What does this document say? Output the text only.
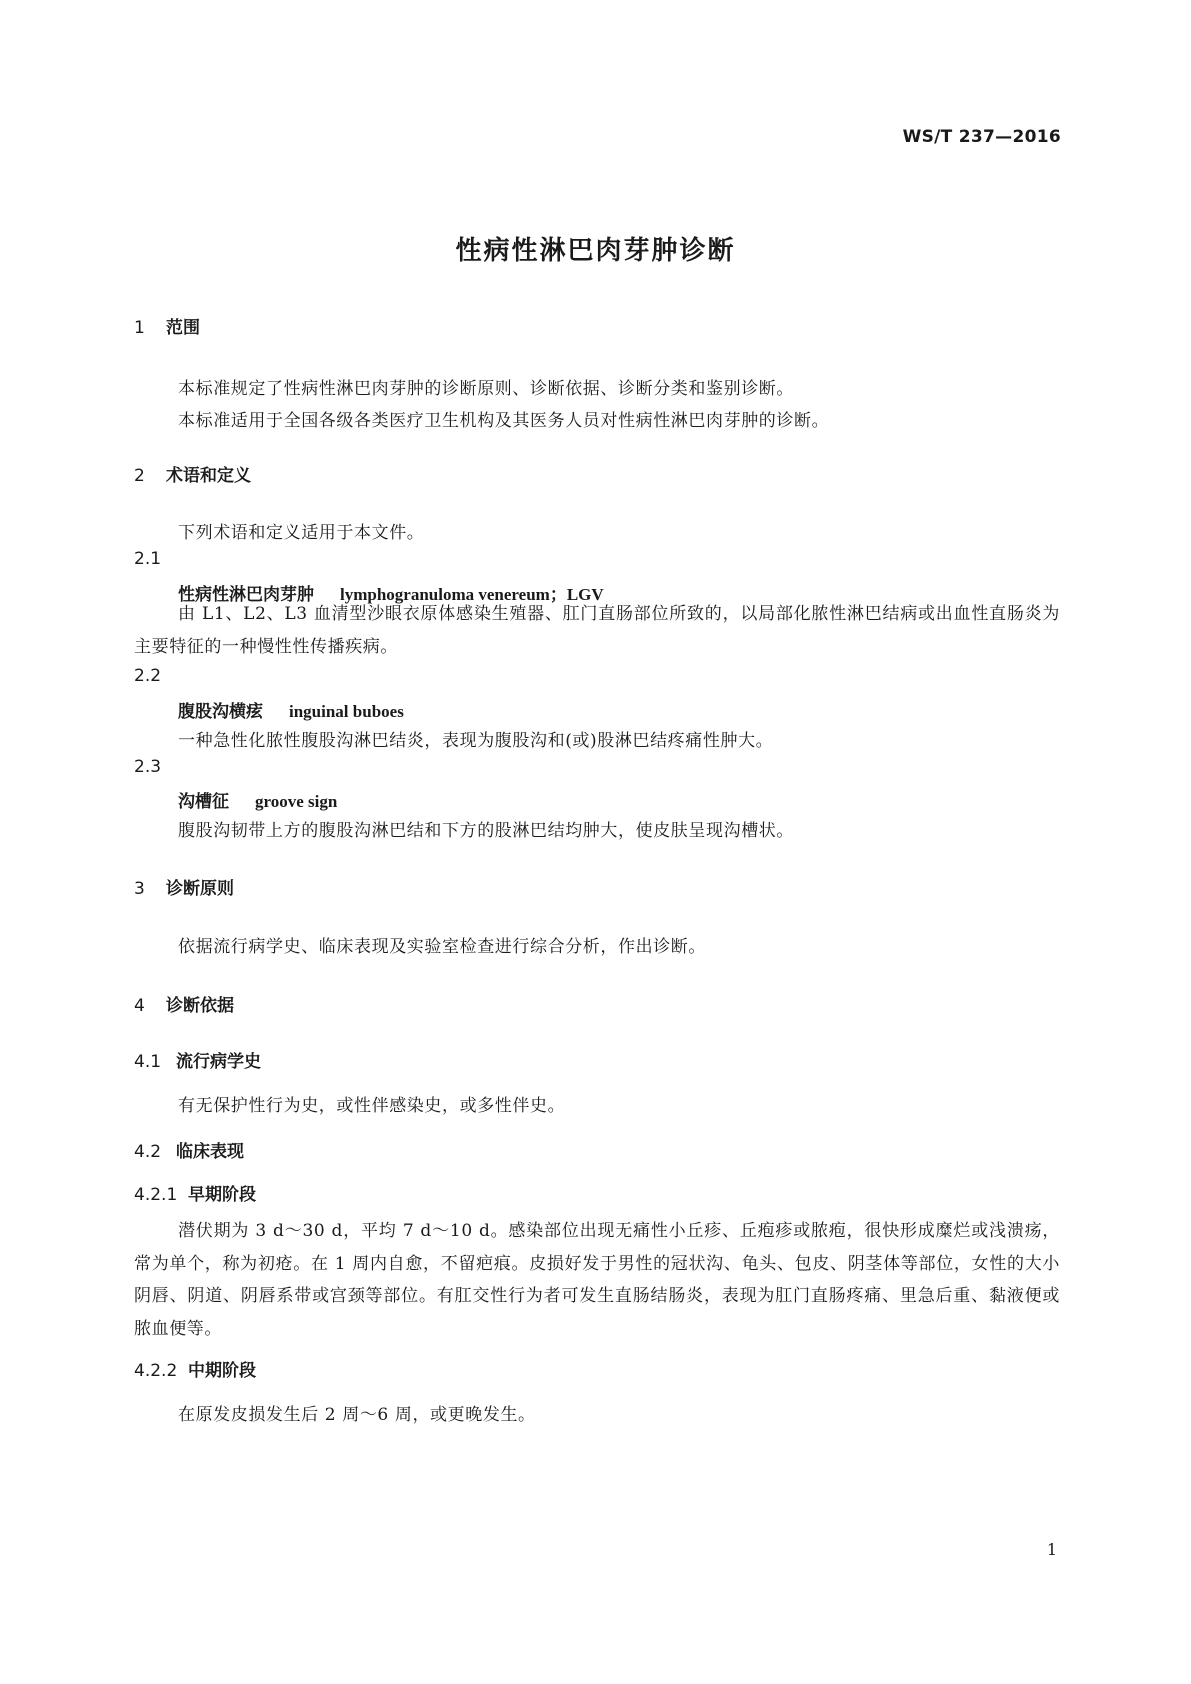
WS/T 237—2016
性病性淋巴肉芽肿诊断
1 范围
本标准规定了性病性淋巴肉芽肿的诊断原则、诊断依据、诊断分类和鉴别诊断。
本标准适用于全国各级各类医疗卫生机构及其医务人员对性病性淋巴肉芽肿的诊断。
2 术语和定义
下列术语和定义适用于本文件。
2.1
性病性淋巴肉芽肿 lymphogranuloma venereum；LGV
由 L1、L2、L3 血清型沙眼衣原体感染生殖器、肛门直肠部位所致的，以局部化脓性淋巴结病或出血性直肠炎为主要特征的一种慢性性传播疾病。
2.2
腹股沟横痃 inguinal buboes
一种急性化脓性腹股沟淋巴结炎，表现为腹股沟和(或)股淋巴结疼痛性肿大。
2.3
沟槽征 groove sign
腹股沟韧带上方的腹股沟淋巴结和下方的股淋巴结均肿大，使皮肤呈现沟槽状。
3 诊断原则
依据流行病学史、临床表现及实验室检查进行综合分析，作出诊断。
4 诊断依据
4.1 流行病学史
有无保护性行为史，或性伴感染史，或多性伴史。
4.2 临床表现
4.2.1 早期阶段
潜伏期为 3 d～30 d，平均 7 d～10 d。感染部位出现无痛性小丘疹、丘疱疹或脓疱，很快形成糜烂或浅溃疡，常为单个，称为初疮。在 1 周内自愈，不留疤痕。皮损好发于男性的冠状沟、龟头、包皮、阴茎体等部位，女性的大小阴唇、阴道、阴唇系带或宫颈等部位。有肛交性行为者可发生直肠结肠炎，表现为肛门直肠疼痛、里急后重、黏液便或脓血便等。
4.2.2 中期阶段
在原发皮损发生后 2 周～6 周，或更晚发生。
1
